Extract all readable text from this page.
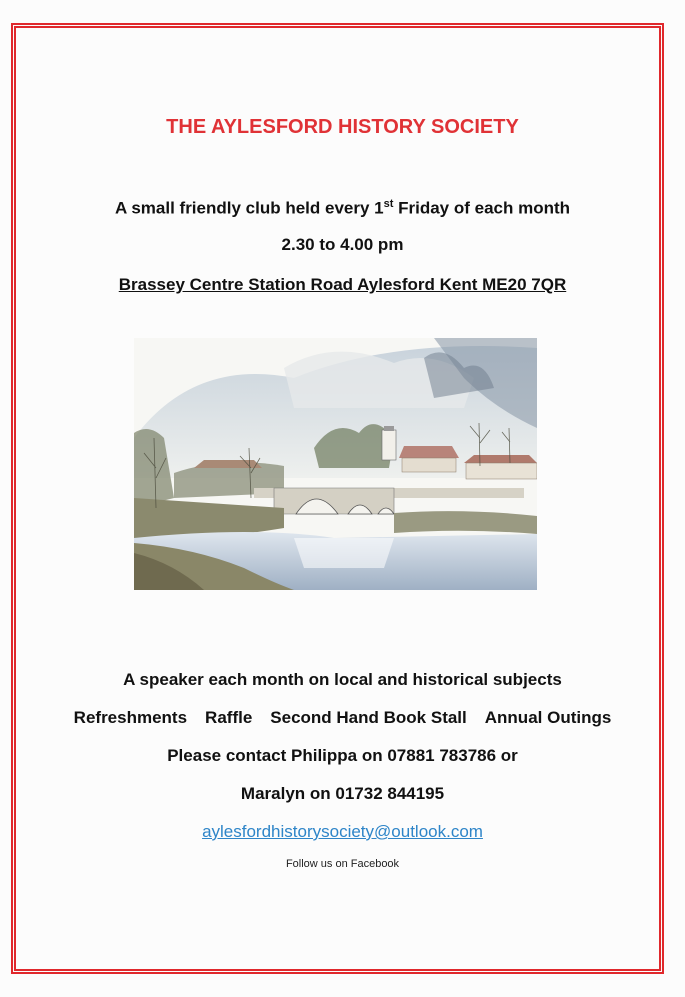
THE AYLESFORD HISTORY SOCIETY
A small friendly club held every 1st Friday of each month
2.30 to 4.00 pm
Brassey Centre Station Road Aylesford Kent ME20 7QR
A speaker each month on local and historical subjects
Refreshments Raffle Second Hand Book Stall Annual Outings
Please contact Philippa on 07881 783786 or
Maralyn on 01732 844195
aylesfordhistorysociety@outlook.com
Follow us on Facebook
